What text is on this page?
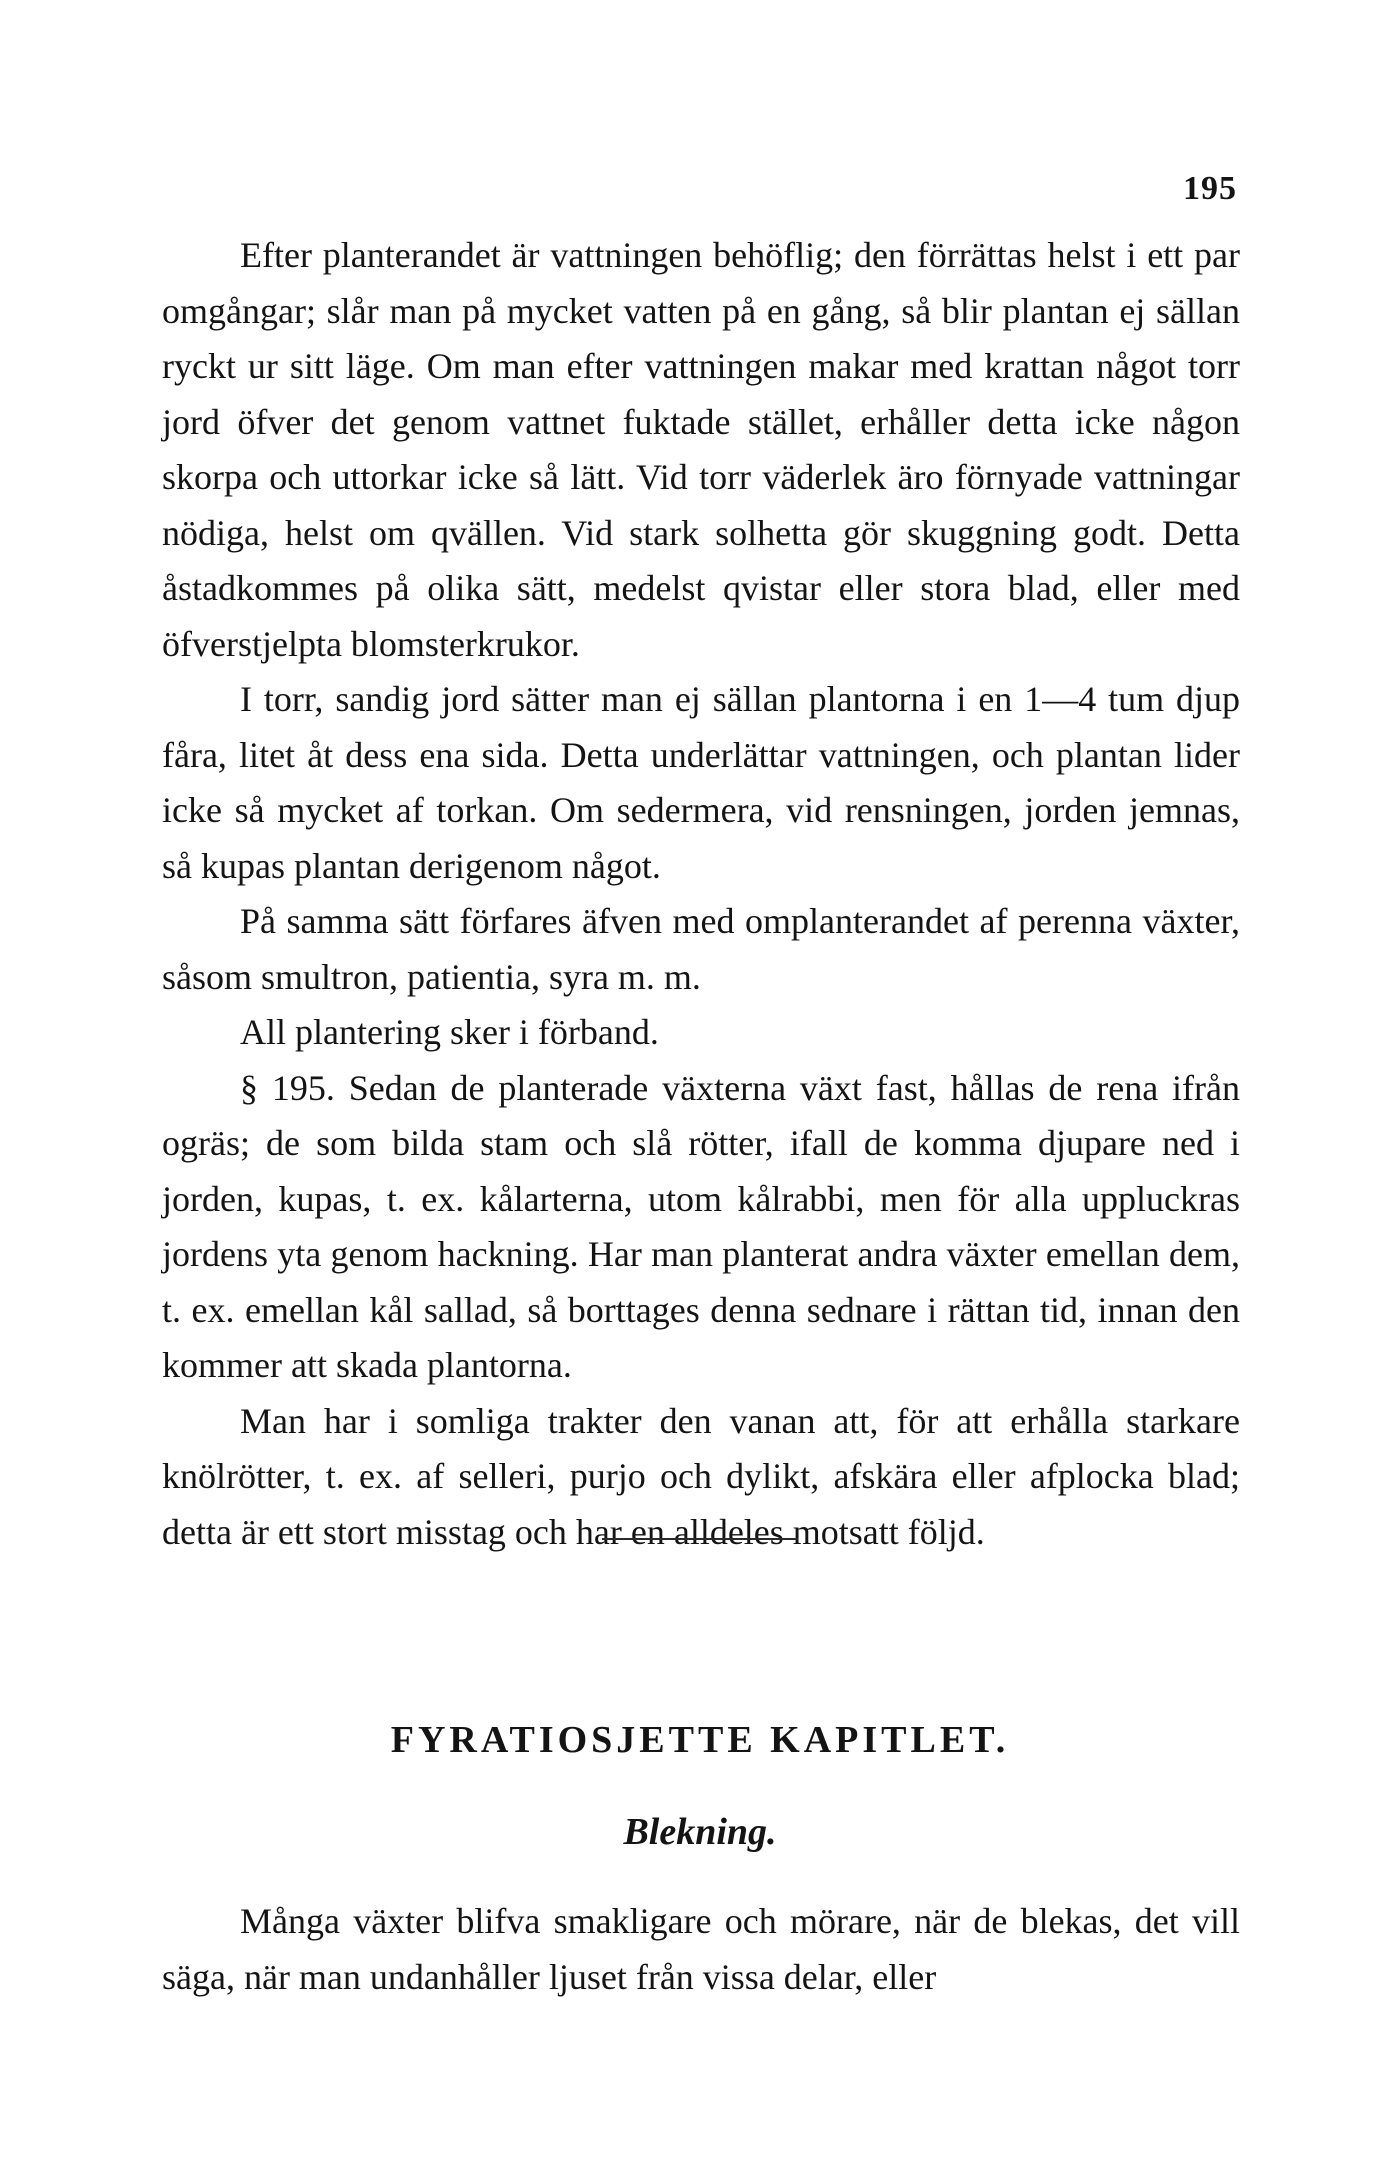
195

Efter planterandet är vattningen behöflig; den förrättas helst i ett par omgångar; slår man på mycket vatten på en gång, så blir plantan ej sällan ryckt ur sitt läge. Om man efter vattningen makar med krattan något torr jord öfver det genom vattnet fuktade stället, erhåller detta icke någon skorpa och uttorkar icke så lätt. Vid torr väderlek äro förnyade vattningar nödiga, helst om qvällen. Vid stark solhetta gör skuggning godt. Detta åstadkommes på olika sätt, medelst qvistar eller stora blad, eller med öfverstjelpta blomsterkrukor.

I torr, sandig jord sätter man ej sällan plantorna i en 1—4 tum djup fåra, litet åt dess ena sida. Detta underlättar vattningen, och plantan lider icke så mycket af torkan. Om sedermera, vid rensningen, jorden jemnas, så kupas plantan derigenom något.

På samma sätt förfares äfven med omplanterandet af perenna växter, såsom smultron, patientia, syra m. m.

All plantering sker i förband.

§ 195. Sedan de planterade växterna växt fast, hållas de rena ifrån ogräs; de som bilda stam och slå rötter, ifall de komma djupare ned i jorden, kupas, t. ex. kålarterna, utom kålrabbi, men för alla uppluckras jordens yta genom hackning. Har man planterat andra växter emellan dem, t. ex. emellan kål sallad, så borttages denna sednare i rättan tid, innan den kommer att skada plantorna.

Man har i somliga trakter den vanan att, för att erhålla starkare knölrötter, t. ex. af selleri, purjo och dylikt, afskära eller afplocka blad; detta är ett stort misstag och har en alldeles motsatt följd.

FYRATIOSJETTE KAPITLET.
Blekning.

Många växter blifva smakligare och mörare, när de blekas, det vill säga, när man undanhåller ljuset från vissa delar, eller
